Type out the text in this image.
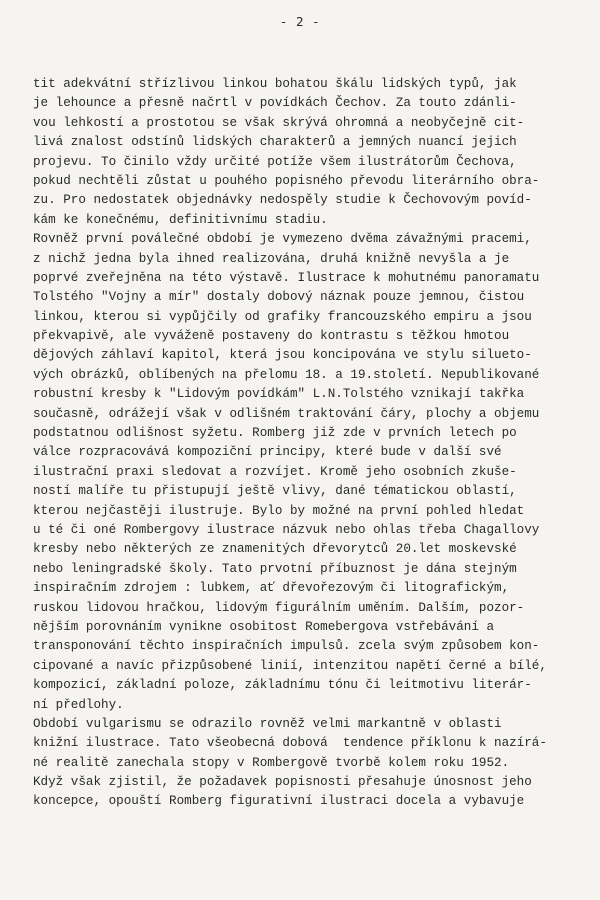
- 2 -
tit adekvátní střízlivou linkou bohatou škálu lidských typů, jak
je lehounce a přesně načrtl v povídkách Čechov. Za touto zdánli-
vou lehkostí a prostotou se však skrývá ohromná a neobyčejně cit-
livá znalost odstínů lidských charakterů a jemných nuancí jejich
projevu. To činilo vždy určité potíže všem ilustrátorům Čechova,
pokud nechtěli zůstat u pouhého popisného převodu literárního obra-
zu. Pro nedostatek objednávky nedospěly studie k Čechovovým povíd-
kám ke konečnému, definitivnímu stadiu.
Rovněž první poválečné období je vymezeno dvěma závažnými pracemi,
z nichž jedna byla ihned realizována, druhá knižně nevyšla a je
poprvé zveřejněna na této výstavě. Ilustrace k mohutnému panoramatu
Tolstého "Vojny a mír" dostaly dobový náznak pouze jemnou, čistou
linkou, kterou si vypůjčily od grafiky francouzského empiru a jsou
překvapivě, ale vyváženě postaveny do kontrastu s těžkou hmotou
dějových záhlaví kapitol, která jsou koncipována ve stylu silueto-
vých obrázků, oblíbených na přelomu 18. a 19.století. Nepublikované
robustní kresby k "Lidovým povídkám" L.N.Tolstého vznikají takřka
současně, odrážejí však v odlišném traktování čáry, plochy a objemu
podstatnou odlišnost syžetu. Romberg již zde v prvních letech po
válce rozpracovává kompoziční principy, které bude v další své
ilustrační praxi sledovat a rozvíjet. Kromě jeho osobních zkuše-
ností malíře tu přistupují ještě vlivy, dané tématickou oblastí,
kterou nejčastěji ilustruje. Bylo by možné na první pohled hledat
u té či oné Rombergovy ilustrace názvuk nebo ohlas třeba Chagallovy
kresby nebo některých ze znamenitých dřevorytců 20.let moskevské
nebo leningradské školy. Tato prvotní příbuznost je dána stejným
inspiračním zdrojem : lubkem, ať dřevořezovým či litografickým,
ruskou lidovou hračkou, lidovým figurálním uměním. Dalším, pozor-
nějším porovnáním vynikne osobitost Romebergova vstřebávání a
transponování těchto inspiračních impulsů. zcela svým způsobem kon-
cipované a navíc přizpůsobené linií, intenzitou napětí černé a bílé,
kompozicí, základní poloze, základnímu tónu či leitmotivu literár-
ní předlohy.
Období vulgarismu se odrazilo rovněž velmi markantně v oblasti
knižní ilustrace. Tato všeobecná dobová  tendence příklonu k nazírá-
né realitě zanechala stopy v Rombergově tvorbě kolem roku 1952.
Když však zjistil, že požadavek popisnosti přesahuje únosnost jeho
koncepce, opouští Romberg figurativní ilustraci docela a vybavuje
